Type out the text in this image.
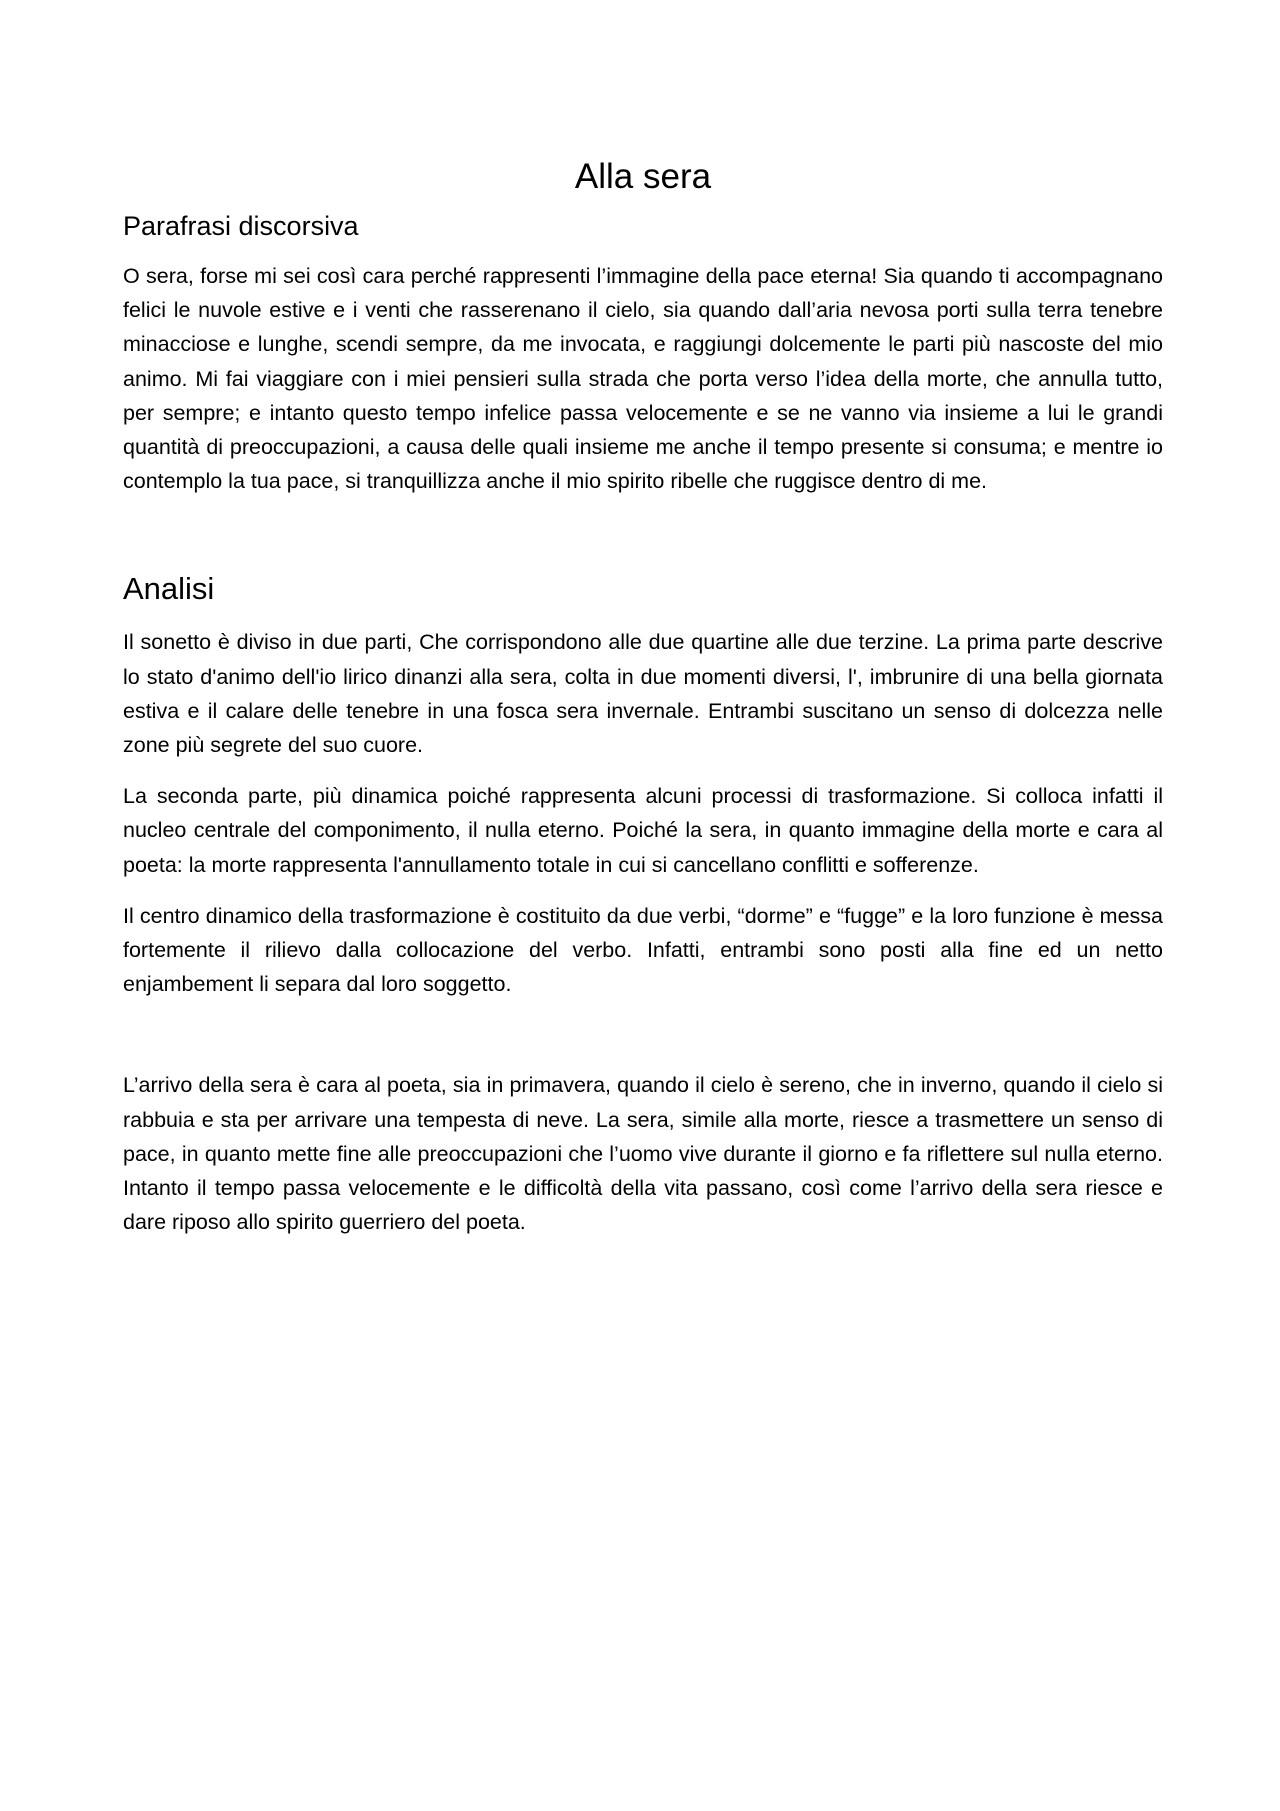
Alla sera
Parafrasi discorsiva

O sera, forse mi sei così cara perché rappresenti l’immagine della pace eterna! Sia quando ti accompagnano felici le nuvole estive e i venti che rasserenano il cielo, sia quando dall’aria nevosa porti sulla terra tenebre minacciose e lunghe, scendi sempre, da me invocata, e raggiungi dolcemente le parti più nascoste del mio animo. Mi fai viaggiare con i miei pensieri sulla strada che porta verso l’idea della morte, che annulla tutto, per sempre; e intanto questo tempo infelice passa velocemente e se ne vanno via insieme a lui le grandi quantità di preoccupazioni, a causa delle quali insieme me anche il tempo presente si consuma; e mentre io contemplo la tua pace, si tranquillizza anche il mio spirito ribelle che ruggisce dentro di me.

Analisi

Il sonetto è diviso in due parti, Che corrispondono alle due quartine alle due terzine. La prima parte descrive lo stato d'animo dell'io lirico dinanzi alla sera, colta in due momenti diversi, l', imbrunire di una bella giornata estiva e il calare delle tenebre in una fosca sera invernale. Entrambi suscitano un senso di dolcezza nelle zone più segrete del suo cuore.

La seconda parte, più dinamica poiché rappresenta alcuni processi di trasformazione. Si colloca infatti il nucleo centrale del componimento, il nulla eterno. Poiché la sera, in quanto immagine della morte e cara al poeta: la morte rappresenta l'annullamento totale in cui si cancellano conflitti e sofferenze.

Il centro dinamico della trasformazione è costituito da due verbi, “dorme” e “fugge” e la loro funzione è messa fortemente il rilievo dalla collocazione del verbo. Infatti, entrambi sono posti alla fine ed un netto enjambement li separa dal loro soggetto.

L’arrivo della sera è cara al poeta, sia in primavera, quando il cielo è sereno, che in inverno, quando il cielo si rabbuia e sta per arrivare una tempesta di neve. La sera, simile alla morte, riesce a trasmettere un senso di pace, in quanto mette fine alle preoccupazioni che l’uomo vive durante il giorno e fa riflettere sul nulla eterno. Intanto il tempo passa velocemente e le difficoltà della vita passano, così come l’arrivo della sera riesce e dare riposo allo spirito guerriero del poeta.
